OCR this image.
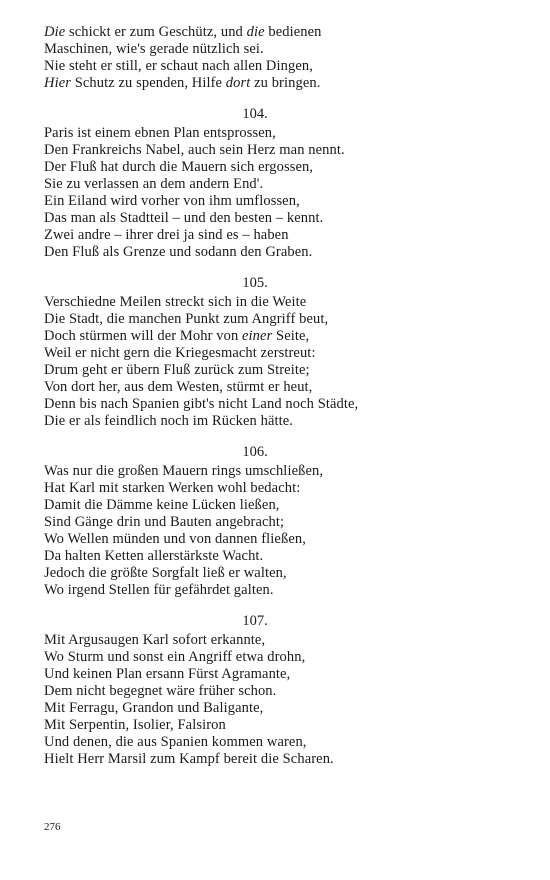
Die schickt er zum Geschütz, und die bedienen
Maschinen, wie's gerade nützlich sei.
Nie steht er still, er schaut nach allen Dingen,
Hier Schutz zu spenden, Hilfe dort zu bringen.
104.
Paris ist einem ebnen Plan entsprossen,
Den Frankreichs Nabel, auch sein Herz man nennt.
Der Fluß hat durch die Mauern sich ergossen,
Sie zu verlassen an dem andern End'.
Ein Eiland wird vorher von ihm umflossen,
Das man als Stadtteil – und den besten – kennt.
Zwei andre – ihrer drei ja sind es – haben
Den Fluß als Grenze und sodann den Graben.
105.
Verschiedne Meilen streckt sich in die Weite
Die Stadt, die manchen Punkt zum Angriff beut,
Doch stürmen will der Mohr von einer Seite,
Weil er nicht gern die Kriegesmacht zerstreut:
Drum geht er übern Fluß zurück zum Streite;
Von dort her, aus dem Westen, stürmt er heut,
Denn bis nach Spanien gibt's nicht Land noch Städte,
Die er als feindlich noch im Rücken hätte.
106.
Was nur die großen Mauern rings umschließen,
Hat Karl mit starken Werken wohl bedacht:
Damit die Dämme keine Lücken ließen,
Sind Gänge drin und Bauten angebracht;
Wo Wellen münden und von dannen fließen,
Da halten Ketten allerstärkste Wacht.
Jedoch die größte Sorgfalt ließ er walten,
Wo irgend Stellen für gefährdet galten.
107.
Mit Argusaugen Karl sofort erkannte,
Wo Sturm und sonst ein Angriff etwa drohn,
Und keinen Plan ersann Fürst Agramante,
Dem nicht begegnet wäre früher schon.
Mit Ferragu, Grandon und Baligante,
Mit Serpentin, Isolier, Falsiron
Und denen, die aus Spanien kommen waren,
Hielt Herr Marsil zum Kampf bereit die Scharen.
276
